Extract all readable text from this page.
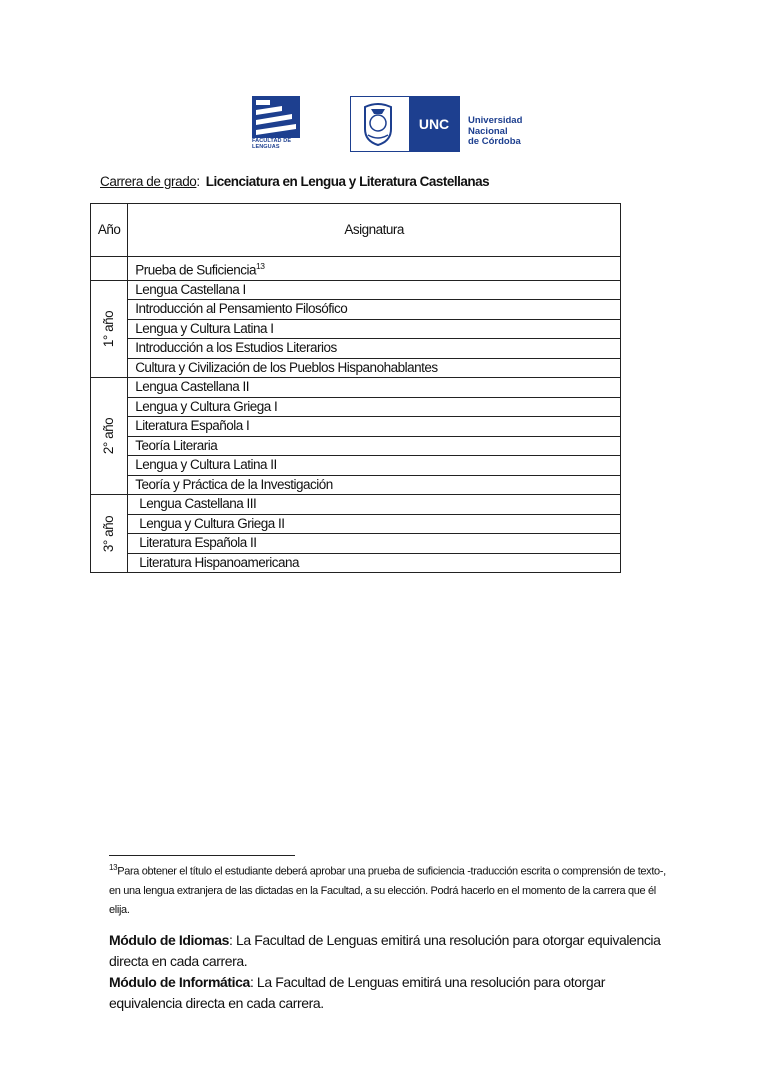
FACULTAD DE LENGUAS
UNC	Universidad
Nacional
de Córdoba
Carrera de grado: Licenciatura en Lengua y Literatura Castellanas
Año	Asignatura
	Prueba de Suficiencia$^{13}$
1° año	Lengua Castellana I
	Introducción al Pensamiento Filosófico
	Lengua y Cultura Latina I
	Introducción a los Estudios Literarios
	Cultura y Civilización de los Pueblos Hispanohablantes
2° año	Lengua Castellana II
	Lengua y Cultura Griega I
	Literatura Española I
	Teoría Literaria
	Lengua y Cultura Latina II
	Teoría y Práctica de la Investigación
3° año	Lengua Castellana III
	Lengua y Cultura Griega II
	Literatura Española II
	Literatura Hispanoamericana
$^{13}$Para obtener el título el estudiante deberá aprobar una prueba de suficiencia -traducción escrita o comprensión de texto-, en una lengua extranjera de las dictadas en la Facultad, a su elección. Podrá hacerlo en el momento de la carrera que él elija.
Módulo de Idiomas: La Facultad de Lenguas emitirá una resolución para otorgar equivalencia directa en cada carrera.
Módulo de Informática: La Facultad de Lenguas emitirá una resolución para otorgar equivalencia directa en cada carrera.
